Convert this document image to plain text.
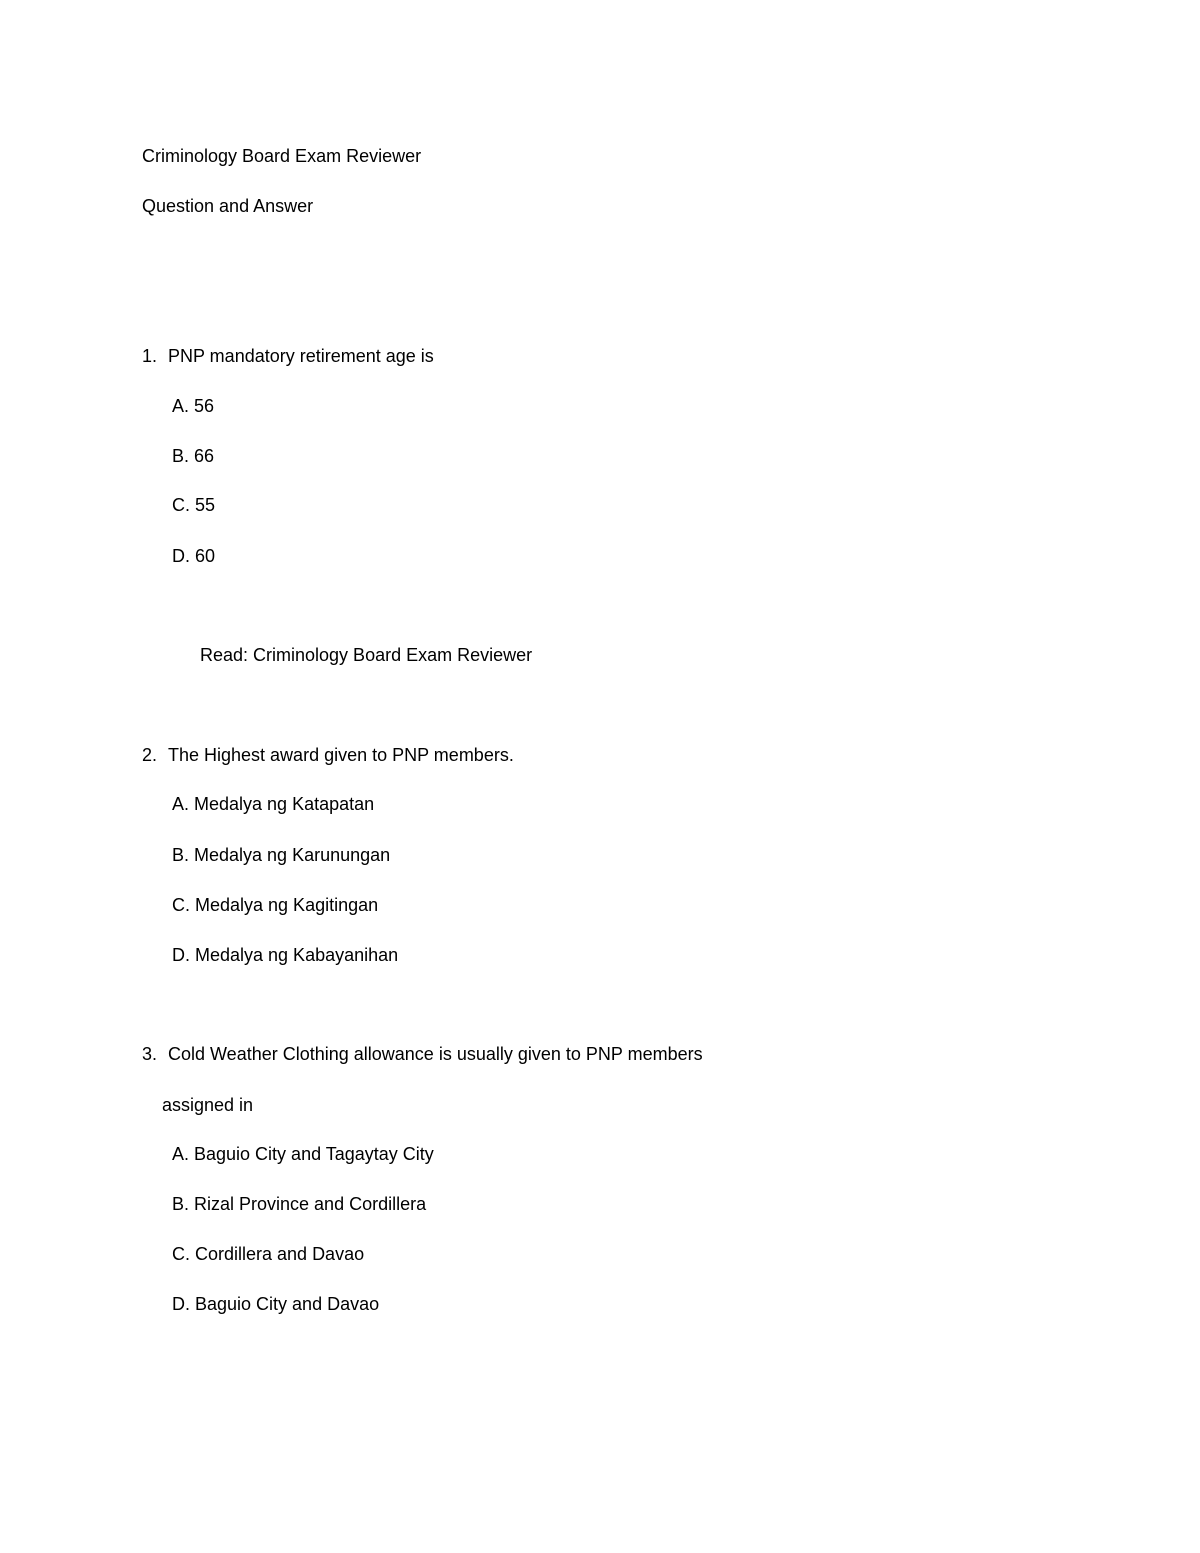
Criminology Board Exam Reviewer
Question and Answer
1. PNP mandatory retirement age is
A. 56
B. 66
C. 55
D. 60
Read: Criminology Board Exam Reviewer
2. The Highest award given to PNP members.
A. Medalya ng Katapatan
B. Medalya ng Karunungan
C. Medalya ng Kagitingan
D. Medalya ng Kabayanihan
3. Cold Weather Clothing allowance is usually given to PNP members
assigned in
A. Baguio City and Tagaytay City
B. Rizal Province and Cordillera
C. Cordillera and Davao
D. Baguio City and Davao
